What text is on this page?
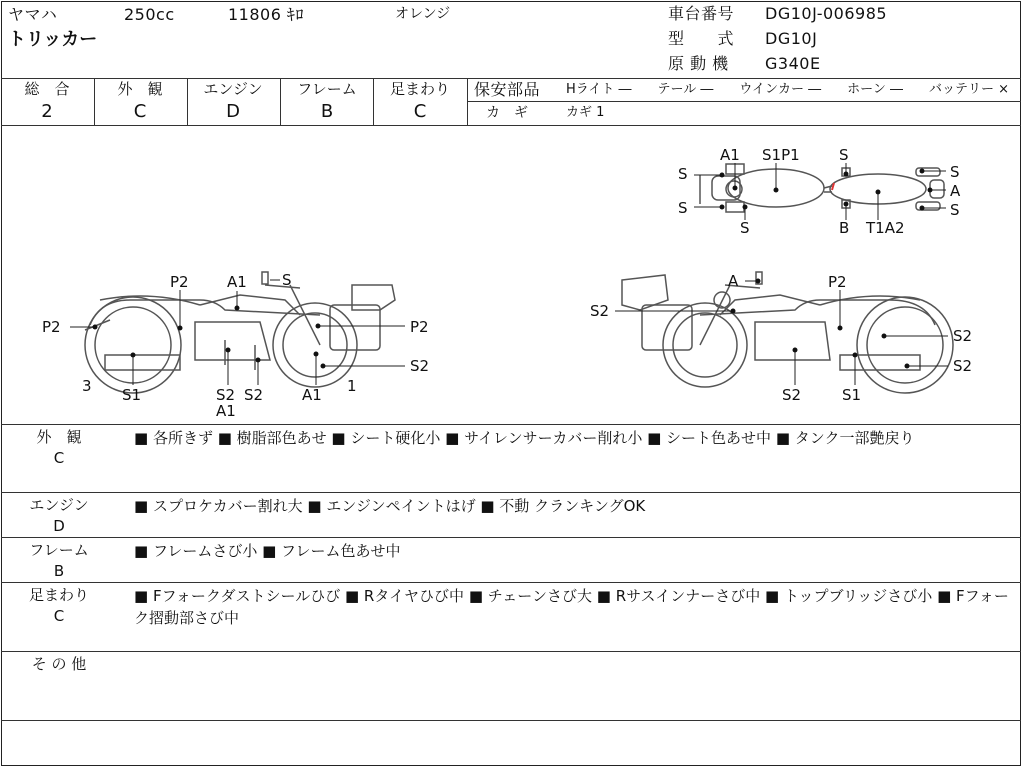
ヤマハ	250cc	11806 ｷﾛ	オレンジ
トリッカー
車台番号 DG10J-006985
型　　式 DG10J
原 動 機 G340E
総　合
2
外　観
C
エンジン
D
フレーム
B
足まわり
C
保安部品 Hライト ―　　テール ―　　ウインカー ―　　ホーン ―　　バッテリー ×
カ　ギ	カギ 1
A1 S1P1	S
S
A
S
S
S
S	B T1A2
P2	A1 S
P2	P2
S2
3 S1	S2 S2
A1
A1 1
A	P2
S2
S2
S2
S2	S1
外　観
C
■ 各所きず ■ 樹脂部色あせ ■ シート硬化小 ■ サイレンサーカバー削れ小 ■ シート色あせ中 ■ タンク一部艶戻り
エンジン
D
■ スプロケカバー割れ大 ■ エンジンペイントはげ ■ 不動 クランキングOK
フレーム
B
■ フレームさび小 ■ フレーム色あせ中
足まわり
C
■ Fフォークダストシールひび ■ Rタイヤひび中 ■ チェーンさび大 ■ Rサスインナーさび中 ■ トップブリッジさび小 ■ Fフォーク摺動部さび中
そ の 他
